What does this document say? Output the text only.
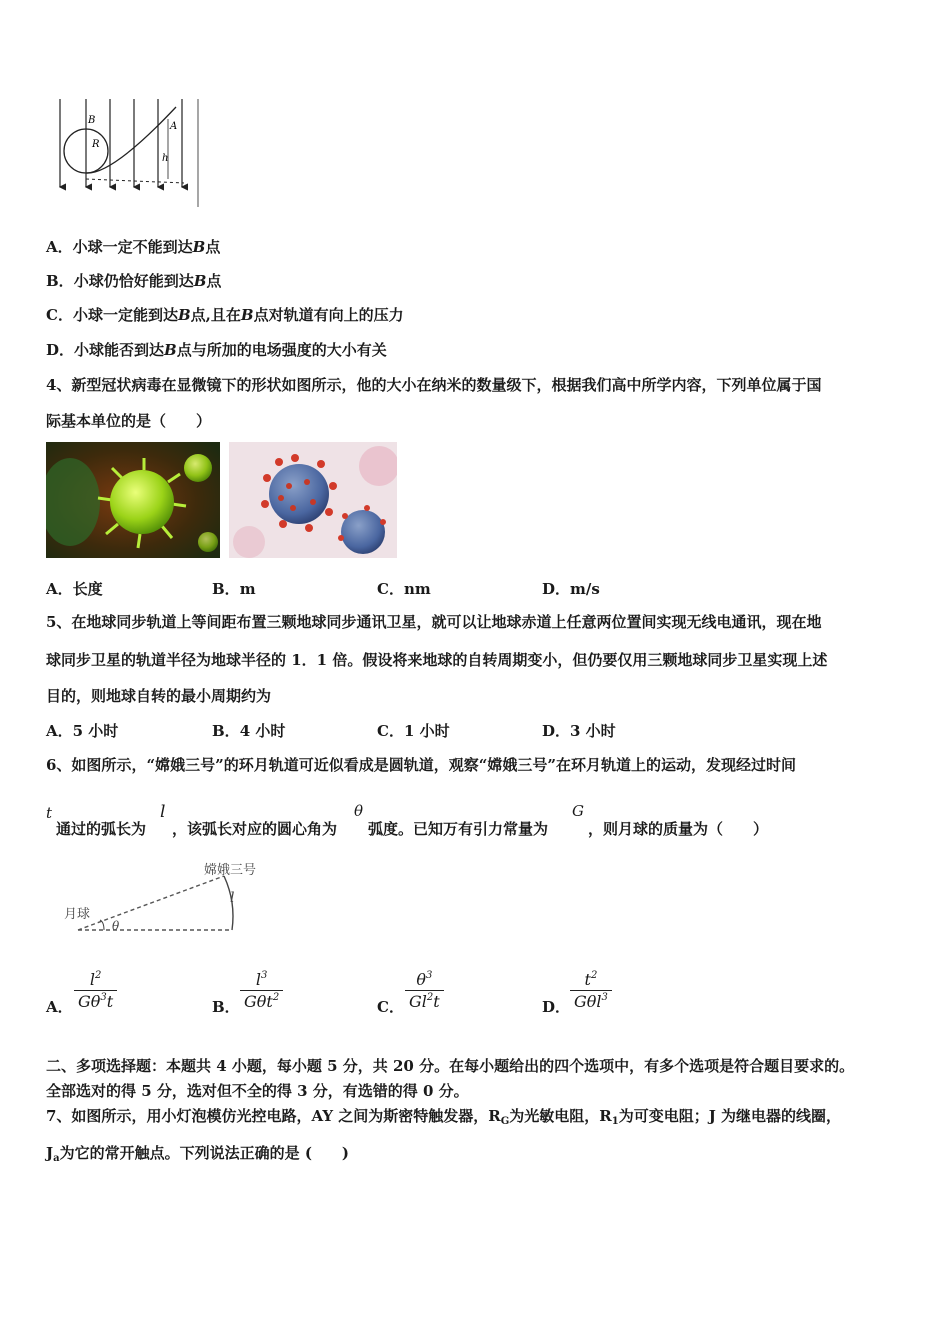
B
R
A
h
A．小球一定不能到达B点
B．小球仍恰好能到达B点
C．小球一定能到达B点,且在B点对轨道有向上的压力
D．小球能否到达B点与所加的电场强度的大小有关
4、新型冠状病毒在显微镜下的形状如图所示，他的大小在纳米的数量级下，根据我们高中所学内容，下列单位属于国
际基本单位的是（　　）
A．长度	B．m	C．nm	D．m/s
5、在地球同步轨道上等间距布置三颗地球同步通讯卫星，就可以让地球赤道上任意两位置间实现无线电通讯，现在地
球同步卫星的轨道半径为地球半径的 1．1 倍。假设将来地球的自转周期变小，但仍要仅用三颗地球同步卫星实现上述
目的，则地球自转的最小周期约为
A．5 小时	B．4 小时	C．1 小时	D．3 小时
6、如图所示，“嫦娥三号”的环月轨道可近似看成是圆轨道，观察“嫦娥三号”在环月轨道上的运动，发现经过时间
t
通过的弧长为
l
，该弧长对应的圆心角为
θ
弧度。已知万有引力常量为
G
，则月球的质量为（　　）
月球
嫦娥三号
l
θ
A．
$l^2$
$G\theta^3t$	B．
$l^3$
Gθt$^2$
C．
$\theta^3$
Gl$^2$t	D．
$t^2$
Gθl$^3$
二、多项选择题：本题共 4 小题，每小题 5 分，共 20 分。在每小题给出的四个选项中，有多个选项是符合题目要求的。
全部选对的得 5 分，选对但不全的得 3 分，有选错的得 0 分。
7、如图所示，用小灯泡模仿光控电路，AY 之间为斯密特触发器，$R_G$为光敏电阻，$R_1$为可变电阻；J 为继电器的线圈，
$J_a$为它的常开触点。下列说法正确的是 (　　)
